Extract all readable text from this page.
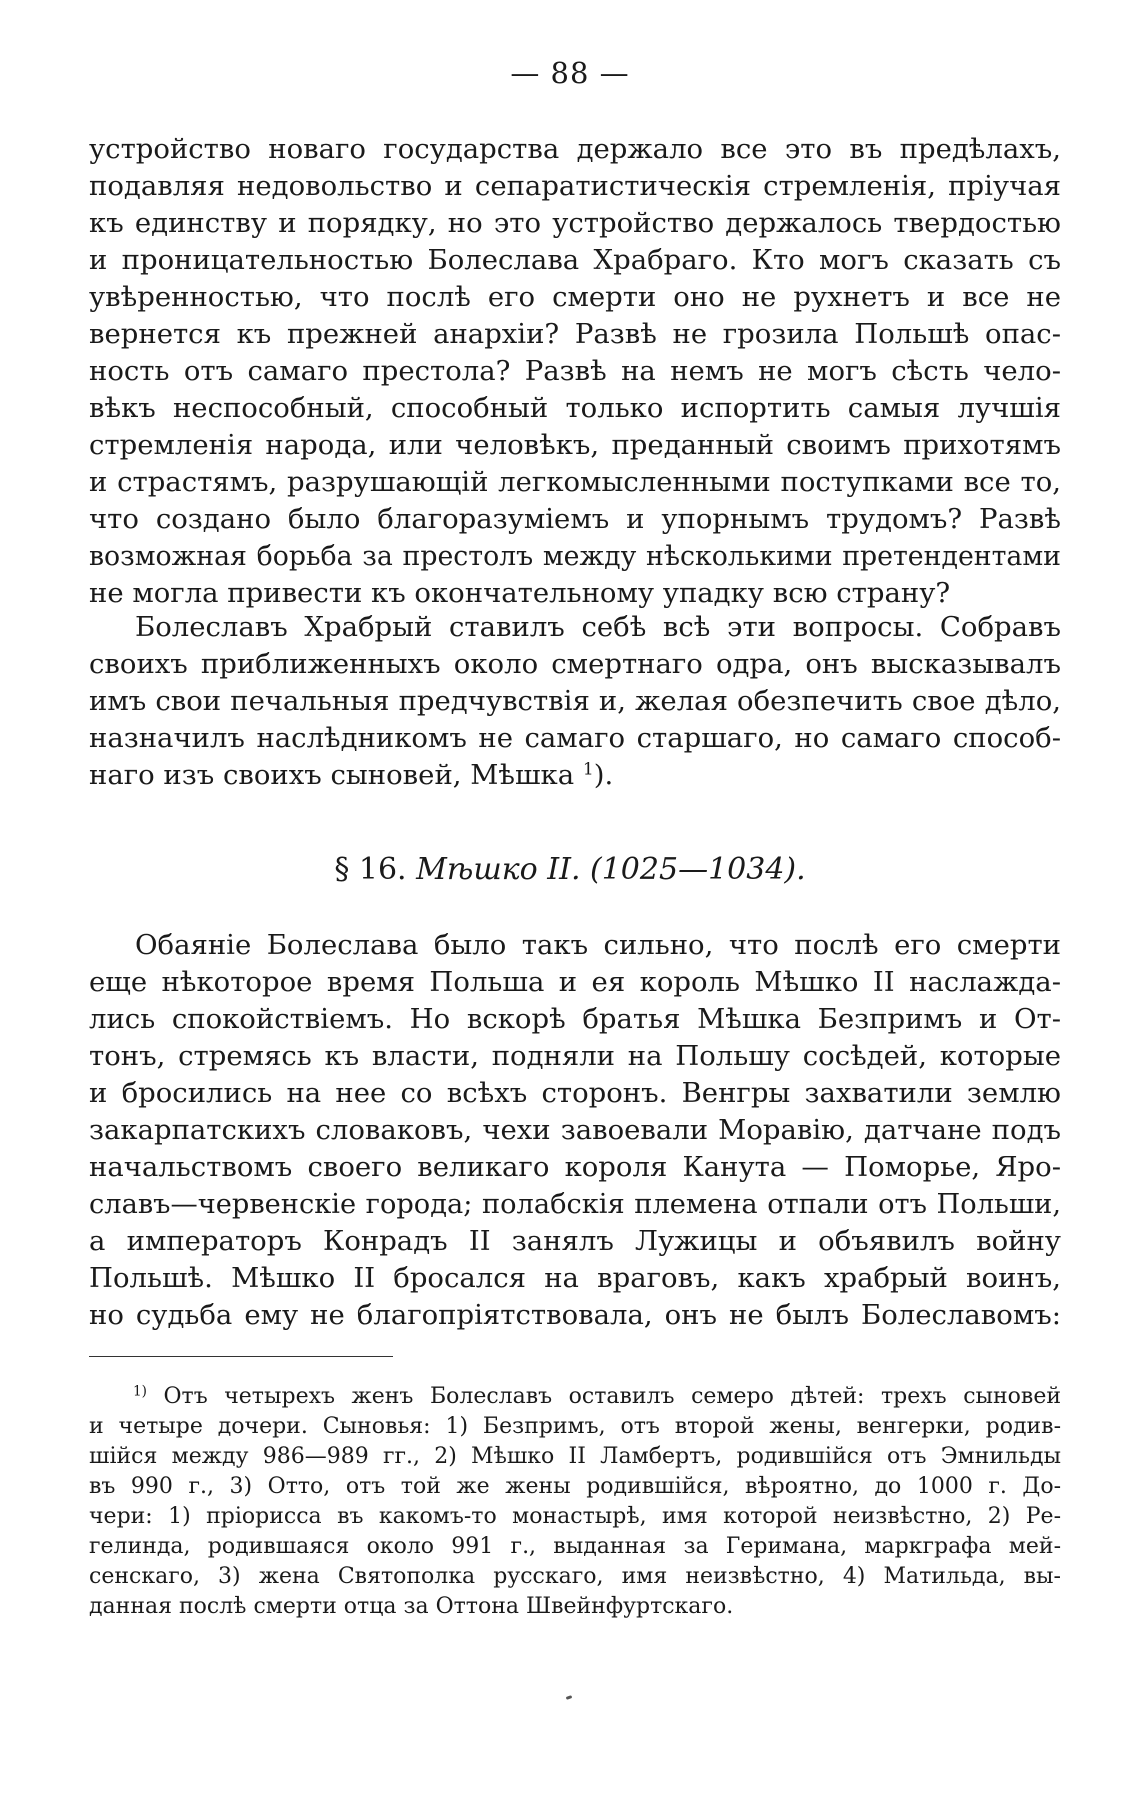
— 88 —

устройство новаго государства держало все это въ предѣлахъ,
подавляя недовольство и сепаратистическія стремленія, пріучая
къ единству и порядку, но это устройство держалось твердостью
и проницательностью Болеслава Храбраго. Кто могъ сказать съ
увѣренностью, что послѣ его смерти оно не рухнетъ и все не
вернется къ прежней анархіи? Развѣ не грозила Польшѣ опас-
ность отъ самаго престола? Развѣ на немъ не могъ сѣсть чело-
вѣкъ неспособный, способный только испортить самыя лучшія
стремленія народа, или человѣкъ, преданный своимъ прихотямъ
и страстямъ, разрушающій легкомысленными поступками все то,
что создано было благоразуміемъ и упорнымъ трудомъ? Развѣ
возможная борьба за престолъ между нѣсколькими претендентами
не могла привести къ окончательному упадку всю страну?

Болеславъ Храбрый ставилъ себѣ всѣ эти вопросы. Собравъ
своихъ приближенныхъ около смертнаго одра, онъ высказывалъ
имъ свои печальныя предчувствія и, желая обезпечить свое дѣло,
назначилъ наслѣдникомъ не самаго старшаго, но самаго способ-
наго изъ своихъ сыновей, Мѣшка $^1$).

§ 16. Мѣшко II. (1025—1034).

Обаяніе Болеслава было такъ сильно, что послѣ его смерти
еще нѣкоторое время Польша и ея король Мѣшко II наслаждa-
лись спокойствіемъ. Но вскорѣ братья Мѣшка Безпримъ и От-
тонъ, стремясь къ власти, подняли на Польшу сосѣдей, которые
и бросились на нее со всѣхъ сторонъ. Венгры захватили землю
закарпатскихъ словаковъ, чехи завоевали Моравію, датчане подъ
начальствомъ своего великаго короля Канута — Поморье, Яро-
славъ—червенскіе города; полабскія племена отпали отъ Польши,
а императоръ Конрадъ II занялъ Лужицы и объявилъ войну
Польшѣ. Мѣшко II бросался на враговъ, какъ храбрый воинъ,
но судьба ему не благопріятствовала, онъ не былъ Болеславомъ:

$^{1)}$ Отъ четырехъ женъ Болеславъ оставилъ семеро дѣтей: трехъ сыновей
и четыре дочери. Сыновья: 1) Безпримъ, отъ второй жены, венгерки, родив-
шійся между 986—989 гг., 2) Мѣшко II Ламбертъ, родившійся отъ Эмнильды
въ 990 г., 3) Отто, отъ той же жены родившійся, вѣроятно, до 1000 г. До-
чери: 1) пріорисса въ какомъ-то монастырѣ, имя которой неизвѣстно, 2) Ре-
гелинда, родившаяся около 991 г., выданная за Геримана, маркграфа мей-
сенскаго, 3) жена Святополка русскаго, имя неизвѣстно, 4) Матильда, вы-
данная послѣ смерти отца за Оттона Швейнфуртскаго.
